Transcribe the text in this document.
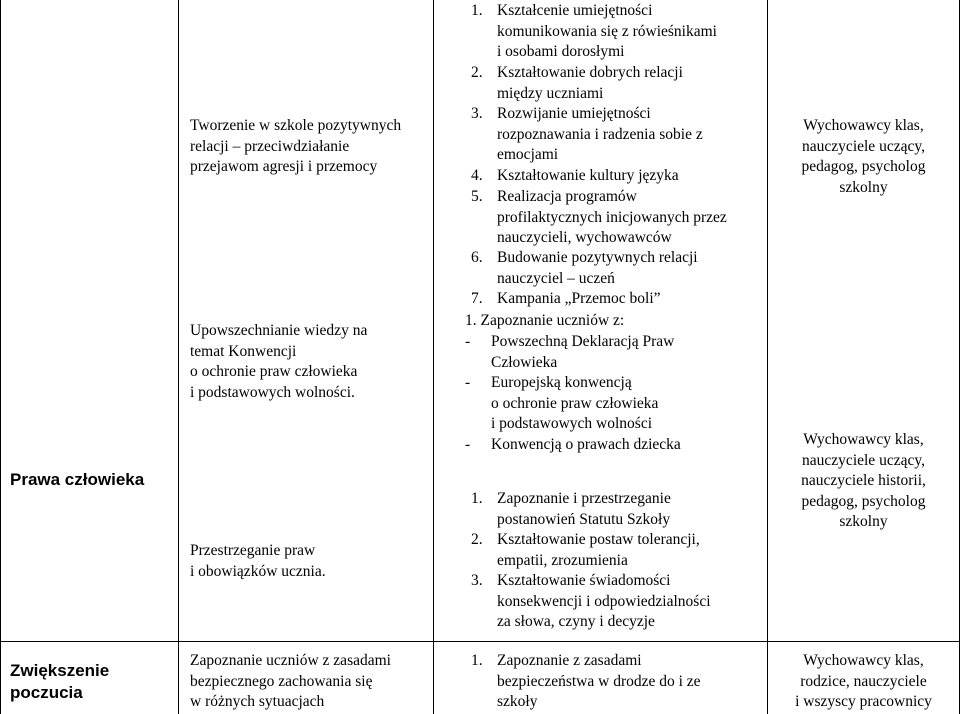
Prawa człowieka
Tworzenie w szkole pozytywnych
relacji – przeciwdziałanie
przejawom agresji i przemocy
Upowszechnianie wiedzy na
temat Konwencji
o ochronie praw człowieka
i podstawowych wolności.
Przestrzeganie praw
i obowiązków ucznia.
1. Kształcenie umiejętności
komunikowania się z rówieśnikami
i osobami dorosłymi
2. Kształtowanie dobrych relacji
między uczniami
3. Rozwijanie umiejętności
rozpoznawania i radzenia sobie z
emocjami
4. Kształtowanie kultury języka
5. Realizacja programów
profilaktycznych inicjowanych przez
nauczycieli, wychowawców
6. Budowanie pozytywnych relacji
nauczyciel – uczeń
7. Kampania „Przemoc boli”
1. Zapoznanie uczniów z:
- Powszechną Deklaracją Praw
Człowieka
- Europejską konwencją
o ochronie praw człowieka
i podstawowych wolności
- Konwencją o prawach dziecka
1. Zapoznanie i przestrzeganie
postanowień Statutu Szkoły
2. Kształtowanie postaw tolerancji,
empatii, zrozumienia
3. Kształtowanie świadomości
konsekwencji i odpowiedzialności
za słowa, czyny i decyzje
Wychowawcy klas,
nauczyciele uczący,
pedagog, psycholog
szkolny
Wychowawcy klas,
nauczyciele uczący,
nauczyciele historii,
pedagog, psycholog
szkolny
Zwiększenie
poczucia
Zapoznanie uczniów z zasadami
bezpiecznego zachowania się
w różnych sytuacjach
1. Zapoznanie z zasadami
bezpieczeństwa w drodze do i ze
szkoły
Wychowawcy klas,
rodzice, nauczyciele
i wszyscy pracownicy
